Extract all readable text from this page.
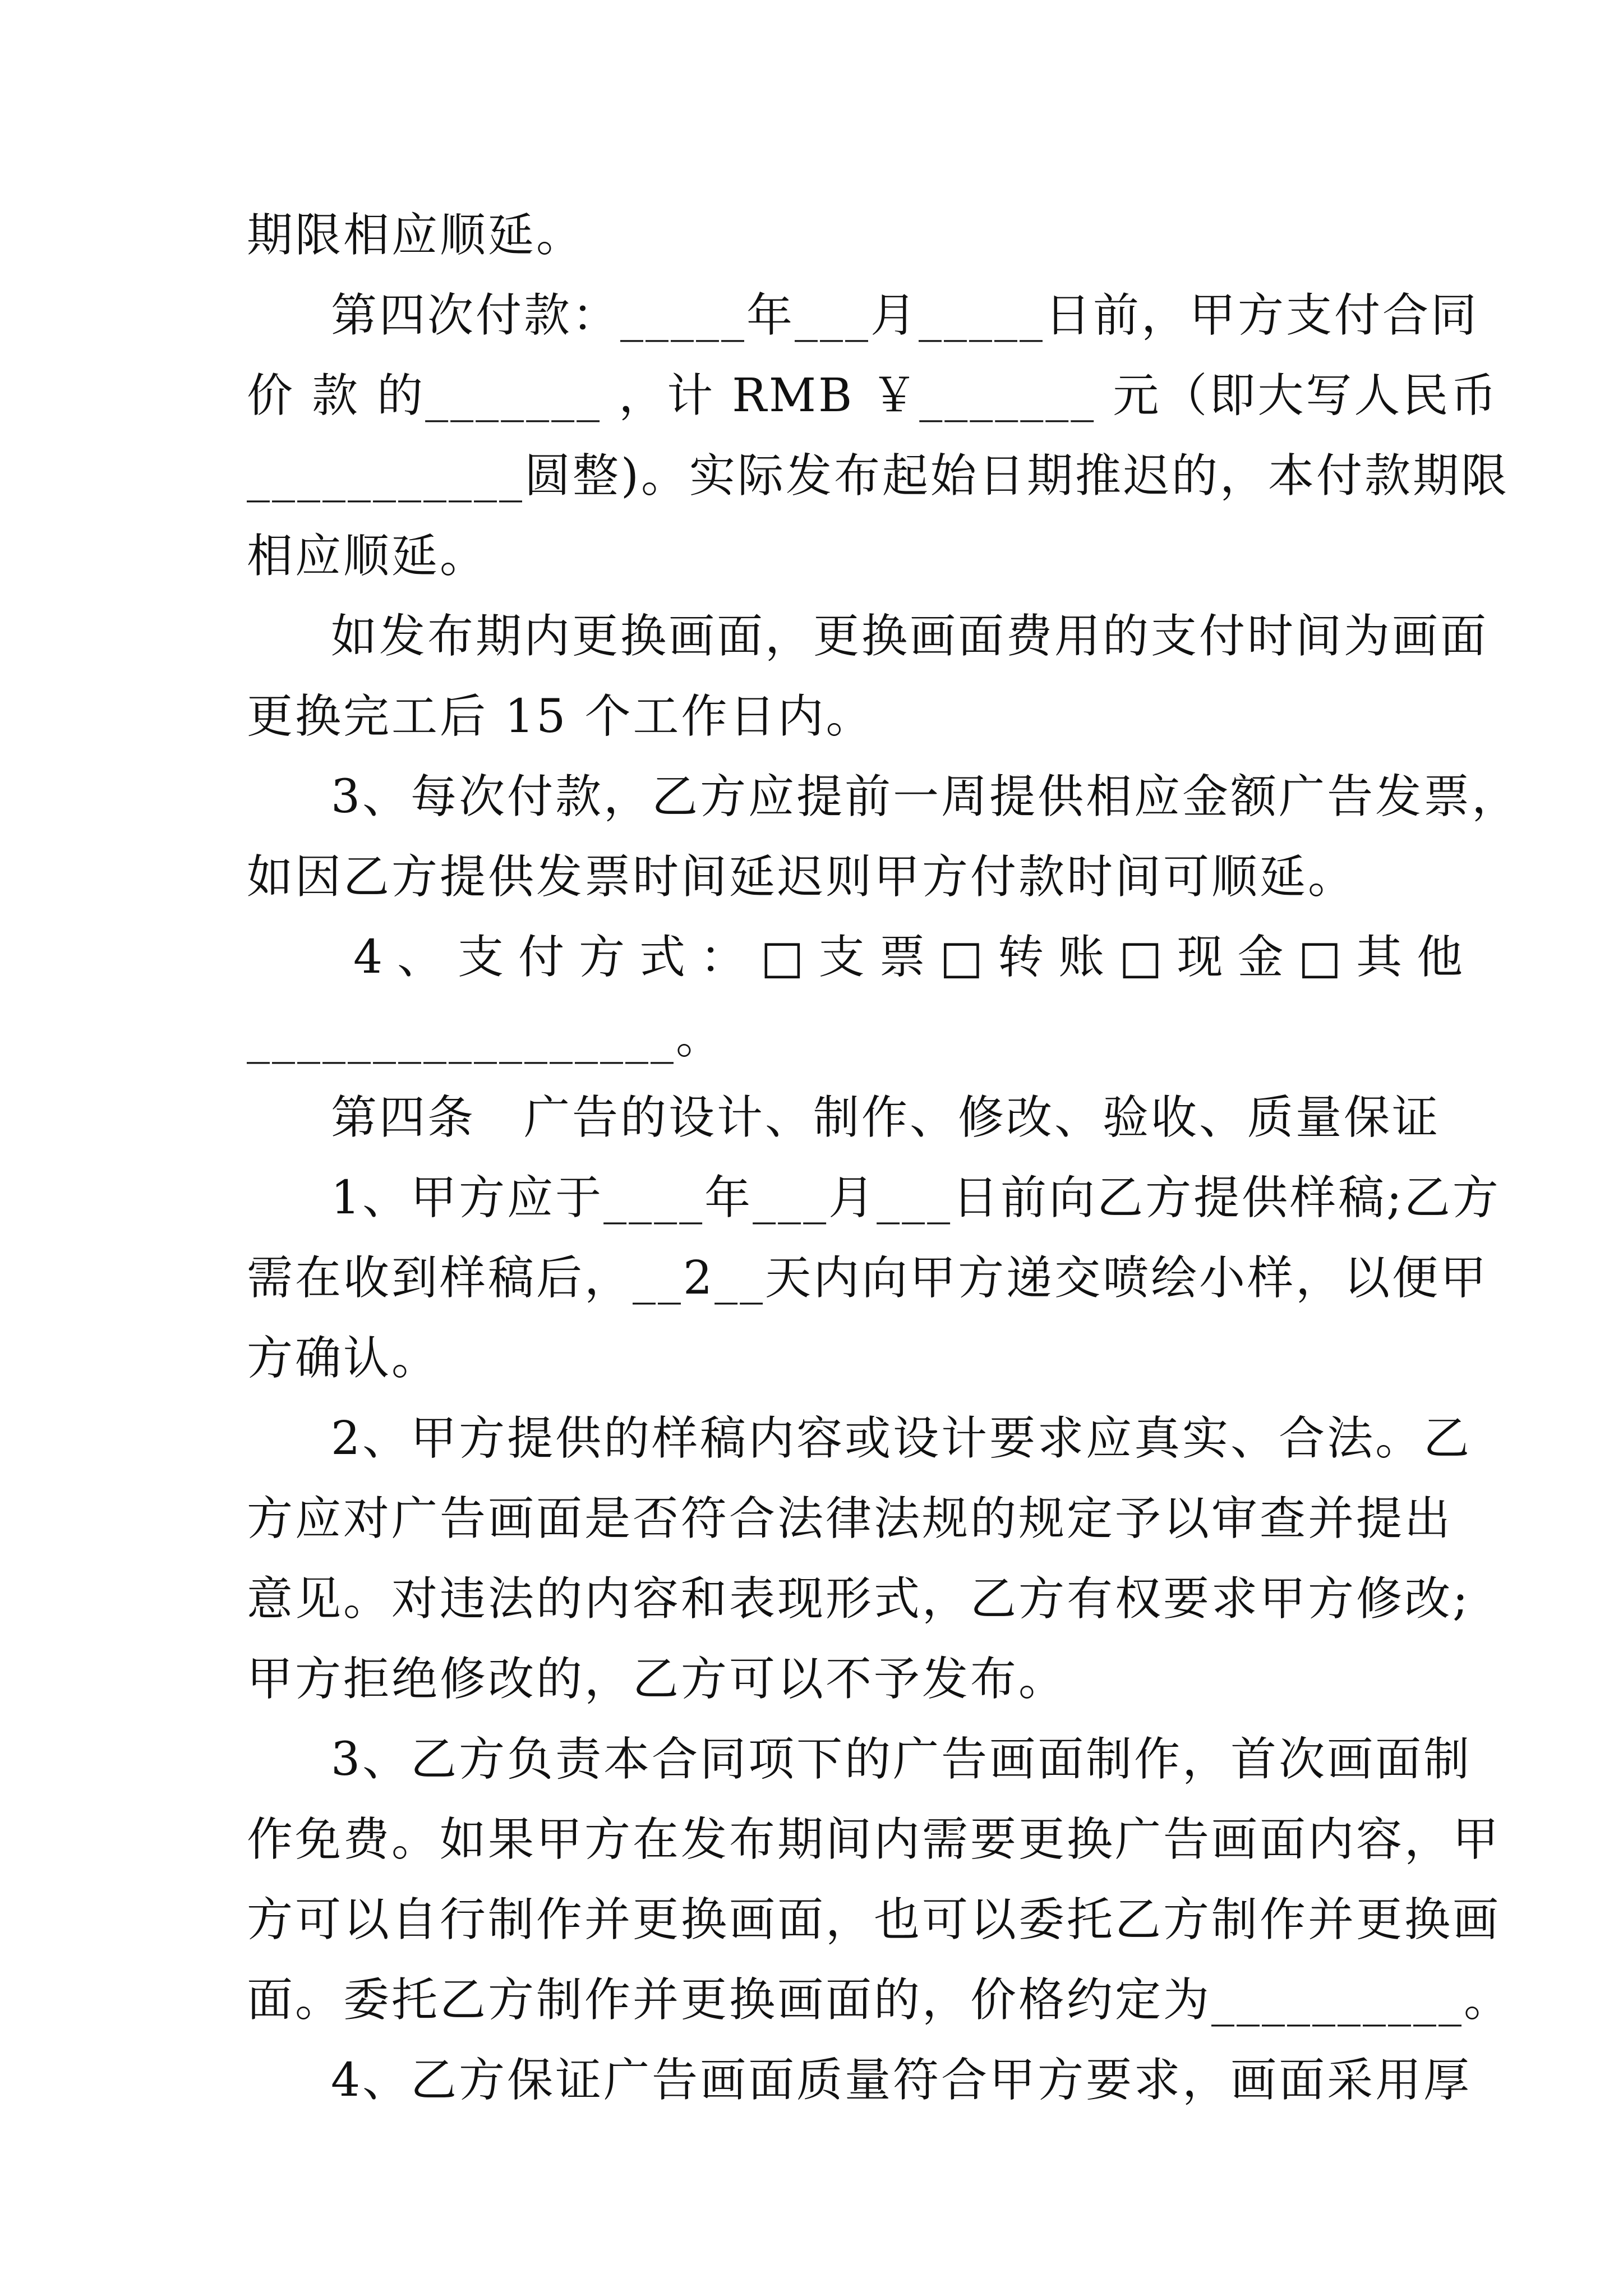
期限相应顺延。
第四次付款：_____年___月_____日前，甲方支付合同
价 款 的_______ ，计 RMB ￥_______ 元（即大写人民币
___________圆整)。实际发布起始日期推迟的，本付款期限
相应顺延。
如发布期内更换画面，更换画面费用的支付时间为画面
更换完工后 15 个工作日内。
3、每次付款，乙方应提前一周提供相应金额广告发票，
如因乙方提供发票时间延迟则甲方付款时间可顺延。
4、支付方式：□支票□转账□现金□其他
_________________。
第四条　广告的设计、制作、修改、验收、质量保证
1、甲方应于____年___月___日前向乙方提供样稿;乙方
需在收到样稿后，__2__天内向甲方递交喷绘小样，以便甲
方确认。
2、甲方提供的样稿内容或设计要求应真实、合法。乙
方应对广告画面是否符合法律法规的规定予以审查并提出
意见。对违法的内容和表现形式，乙方有权要求甲方修改;
甲方拒绝修改的，乙方可以不予发布。
3、乙方负责本合同项下的广告画面制作，首次画面制
作免费。如果甲方在发布期间内需要更换广告画面内容，甲
方可以自行制作并更换画面，也可以委托乙方制作并更换画
面。委托乙方制作并更换画面的，价格约定为__________。
4、乙方保证广告画面质量符合甲方要求，画面采用厚
